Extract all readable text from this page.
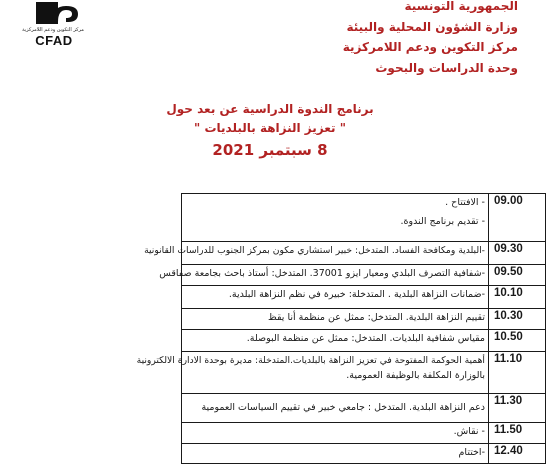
مركز التكوين ودعم اللامركزية
CFAD
الجمهورية التونسية
وزارة الشؤون المحلية والبيئة
مركز التكوين ودعم اللامركزية
وحدة الدراسات والبحوث
برنامج الندوة الدراسية عن بعد حول
" تعزيز النزاهة بالبلديات "
8 سبتمبر 2021
- الافتتاح .
- تقديم برنامج الندوة.	09.00

-البلدية ومكافحة الفساد. المتدخل: خبير استشاري مكون بمركز الجنوب للدراسات القانونية	09.30

-شفافية التصرف البلدي ومعيار ايزو 37001. المتدخل: أستاذ باحث بجامعة صفاقس	09.50

-ضمانات النزاهة البلدية . المتدخلة: خبيرة في نظم النزاهة البلدية.	10.10

تقييم النزاهة البلدية. المتدخل: ممثل عن منظمة أنا يقظ	10.30

مقياس شفافية البلديات. المتدخل: ممثل عن منظمة البوصلة.	10.50

أهمية الحوكمة المفتوحة في تعزيز النزاهة بالبلديات.المتدخلة: مديرة بوحدة الادارة الالكترونية
بالوزارة المكلفة بالوظيفة العمومية.	11.10

دعم النزاهة البلدية. المتدخل : جامعي خبير في تقييم السياسات العمومية	11.30

- نقاش.	11.50

-اختتام	12.40
